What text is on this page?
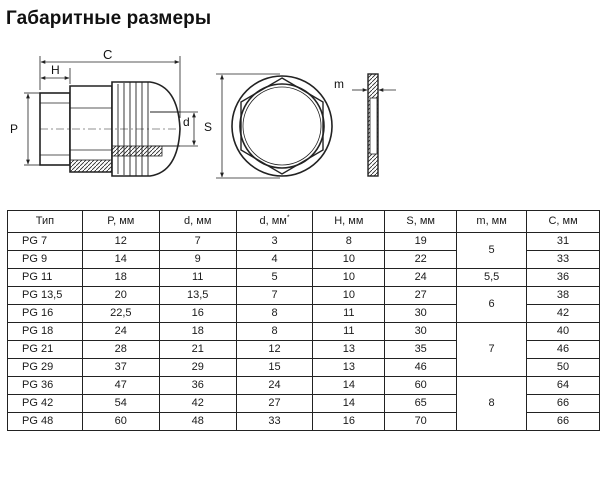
Габаритные размеры
C
H
P	d S
m
Тип	P, мм	d, мм	d, мм*	H, мм	S, мм	m, мм	C, мм
PG 7	12	7	3	8	19	5	31
PG 9	14	9	4	10	22		33
PG 11	18	11	5	10	24	5,5	36
PG 13,5	20	13,5	7	10	27	6	38
PG 16	22,5	16	8	11	30		42
PG 18	24	18	8	11	30	7	40
PG 21	28	21	12	13	35		46
PG 29	37	29	15	13	46		50
PG 36	47	36	24	14	60	8	64
PG 42	54	42	27	14	65		66
PG 48	60	48	33	16	70		66
